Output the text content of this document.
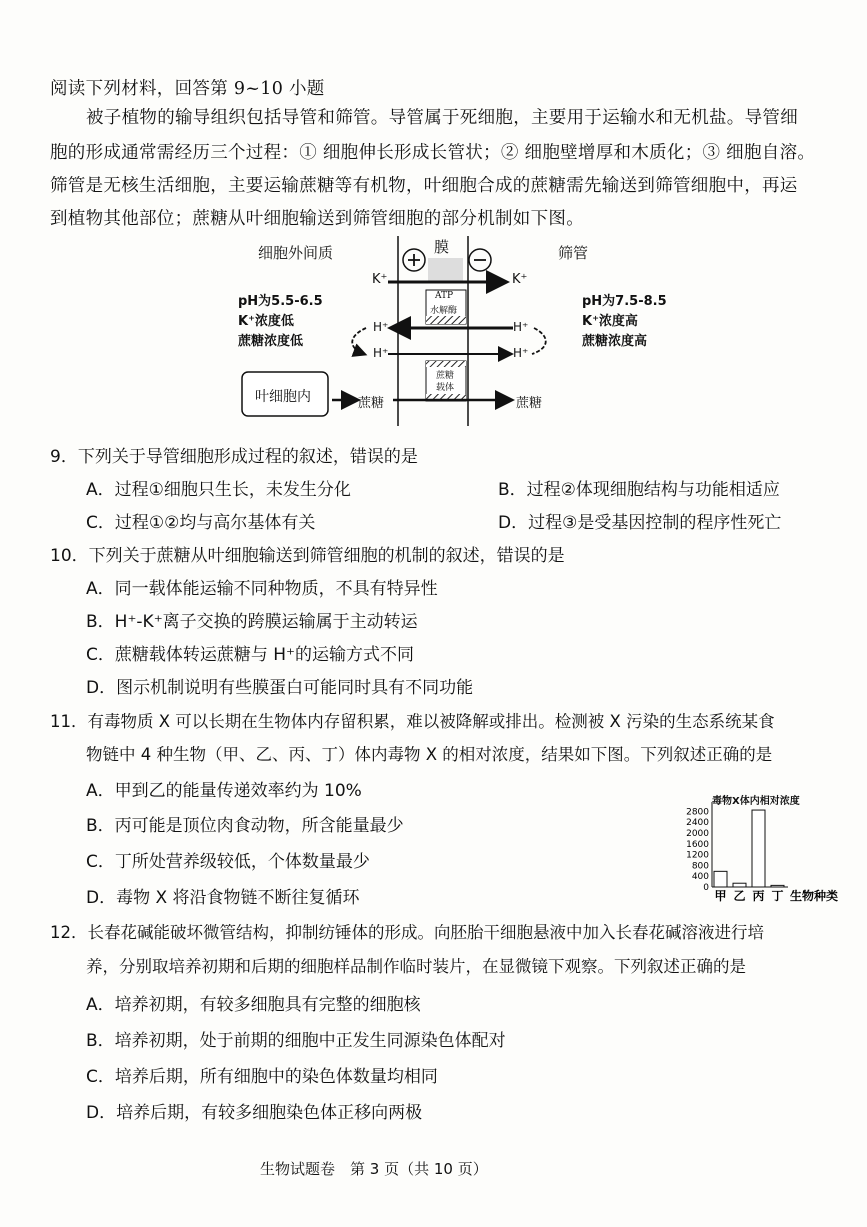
阅读下列材料，回答第 9~10 小题
被子植物的输导组织包括导管和筛管。导管属于死细胞，主要用于运输水和无机盐。导管细
胞的形成通常需经历三个过程：① 细胞伸长形成长管状；② 细胞壁增厚和木质化；③ 细胞自溶。
筛管是无核生活细胞，主要运输蔗糖等有机物，叶细胞合成的蔗糖需先输送到筛管细胞中，再运
到植物其他部位；蔗糖从叶细胞输送到筛管细胞的部分机制如下图。
细胞外间质	膜	筛管
K⁺	K⁺
pH为5.5-6.5
K⁺浓度低
蔗糖浓度低
pH为7.5-8.5
K⁺浓度高
蔗糖浓度高
ATP
水解酶
蔗糖
载体
H⁺	H⁺
H⁺	H⁺
叶细胞内	蔗糖	蔗糖
9．下列关于导管细胞形成过程的叙述，错误的是
A．过程①细胞只生长，未发生分化	B．过程②体现细胞结构与功能相适应
C．过程①②均与高尔基体有关	D．过程③是受基因控制的程序性死亡
10．下列关于蔗糖从叶细胞输送到筛管细胞的机制的叙述，错误的是
A．同一载体能运输不同种物质，不具有特异性
B．H⁺-K⁺离子交换的跨膜运输属于主动转运
C．蔗糖载体转运蔗糖与 H⁺的运输方式不同
D．图示机制说明有些膜蛋白可能同时具有不同功能
11．有毒物质 X 可以长期在生物体内存留积累，难以被降解或排出。检测被 X 污染的生态系统某食
物链中 4 种生物（甲、乙、丙、丁）体内毒物 X 的相对浓度，结果如下图。下列叙述正确的是
A．甲到乙的能量传递效率约为 10%
B．丙可能是顶位肉食动物，所含能量最少
C．丁所处营养级较低，个体数量最少
D．毒物 X 将沿食物链不断往复循环
毒物X体内相对浓度
0
400
800
1200
1600
2000
2400
2800
甲 乙 丙 丁 生物种类
12．长春花碱能破坏微管结构，抑制纺锤体的形成。向胚胎干细胞悬液中加入长春花碱溶液进行培
养，分别取培养初期和后期的细胞样品制作临时装片，在显微镜下观察。下列叙述正确的是
A．培养初期，有较多细胞具有完整的细胞核
B．培养初期，处于前期的细胞中正发生同源染色体配对
C．培养后期，所有细胞中的染色体数量均相同
D．培养后期，有较多细胞染色体正移向两极
生物试题卷　第 3 页（共 10 页）
